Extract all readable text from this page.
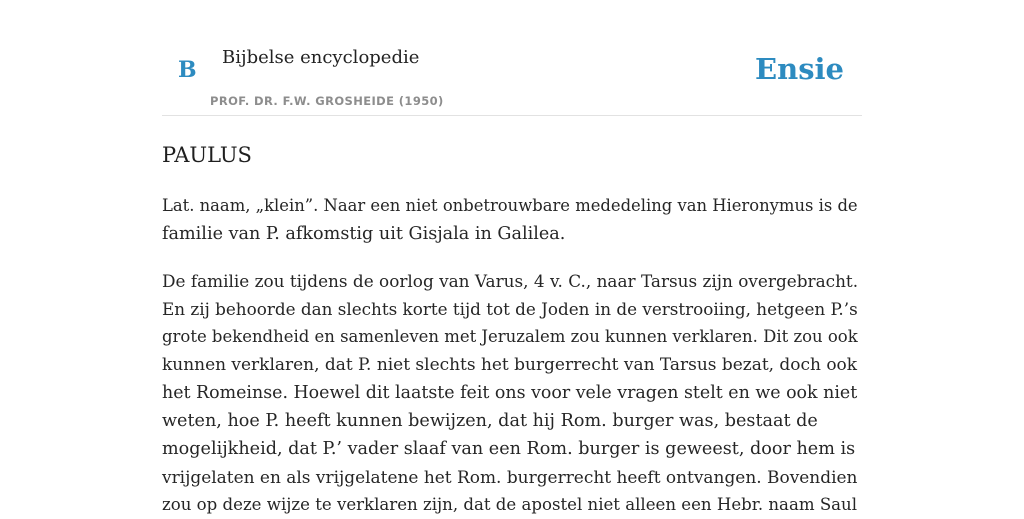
B Bijbelse encyclopedie
PROF. DR. F.W. GROSHEIDE (1950)
Ensie
PAULUS

Lat. naam, „klein”. Naar een niet onbetrouwbare mededeling van Hieronymus is de
familie van P. afkomstig uit Gisjala in Galilea.

De familie zou tijdens de oorlog van Varus, 4 v. C., naar Tarsus zijn overgebracht.
En zij behoorde dan slechts korte tijd tot de Joden in de verstrooiing, hetgeen P.’s
grote bekendheid en samenleven met Jeruzalem zou kunnen verklaren. Dit zou ook
kunnen verklaren, dat P. niet slechts het burgerrecht van Tarsus bezat, doch ook
het Romeinse. Hoewel dit laatste feit ons voor vele vragen stelt en we ook niet
weten, hoe P. heeft kunnen bewijzen, dat hij Rom. burger was, bestaat de
mogelijkheid, dat P.’ vader slaaf van een Rom. burger is geweest, door hem is
vrijgelaten en als vrijgelatene het Rom. burgerrecht heeft ontvangen. Bovendien
zou op deze wijze te verklaren zijn, dat de apostel niet alleen een Hebr. naam Saul
